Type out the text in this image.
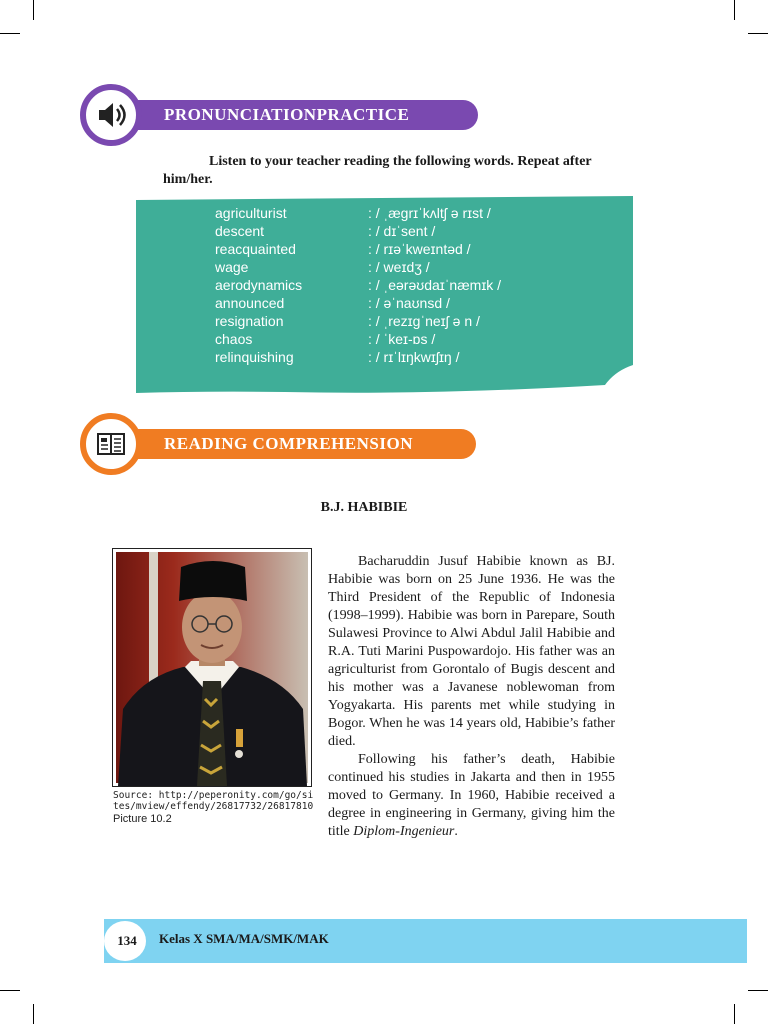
PRONUNCIATIONPRACTICE
Listen to your teacher reading the following words. Repeat after him/her.
agriculturist	: / ˌæɡrɪˈkʌltʃ ə rɪst /
descent	: / dɪˈsent /
reacquainted	: / rɪəˈkweɪntəd /
wage	: / weɪdʒ /
aerodynamics	: / ˌeərəʊdaɪˈnæmɪk /
announced	: / əˈnaʊnsd /
resignation	: / ˌrezɪɡˈneɪʃ ə n /
chaos	: / ˈkeɪ-ɒs /
relinquishing	: / rɪˈlɪŋkwɪʃɪŋ /
READING COMPREHENSION
B.J. HABIBIE
Source: http://peperonity.com/go/sites/mview/effendy/26817732/26817810
Picture 10.2

Bacharuddin Jusuf Habibie known as BJ. Habibie was born on 25 June 1936. He was the Third President of the Republic of Indonesia (1998–1999). Habibie was born in Parepare, South Sulawesi Province to Alwi Abdul Jalil Habibie and R.A. Tuti Marini Puspowardojo. His father was an agriculturist from Gorontalo of Bugis descent and his mother was a Javanese noblewoman from Yogyakarta. His parents met while studying in Bogor. When he was 14 years old, Habibie’s father died.

Following his father’s death, Habibie continued his studies in Jakarta and then in 1955 moved to Germany. In 1960, Habibie received a degree in engineering in Germany, giving him the title Diplom-Ingenieur.

134	Kelas X SMA/MA/SMK/MAK
